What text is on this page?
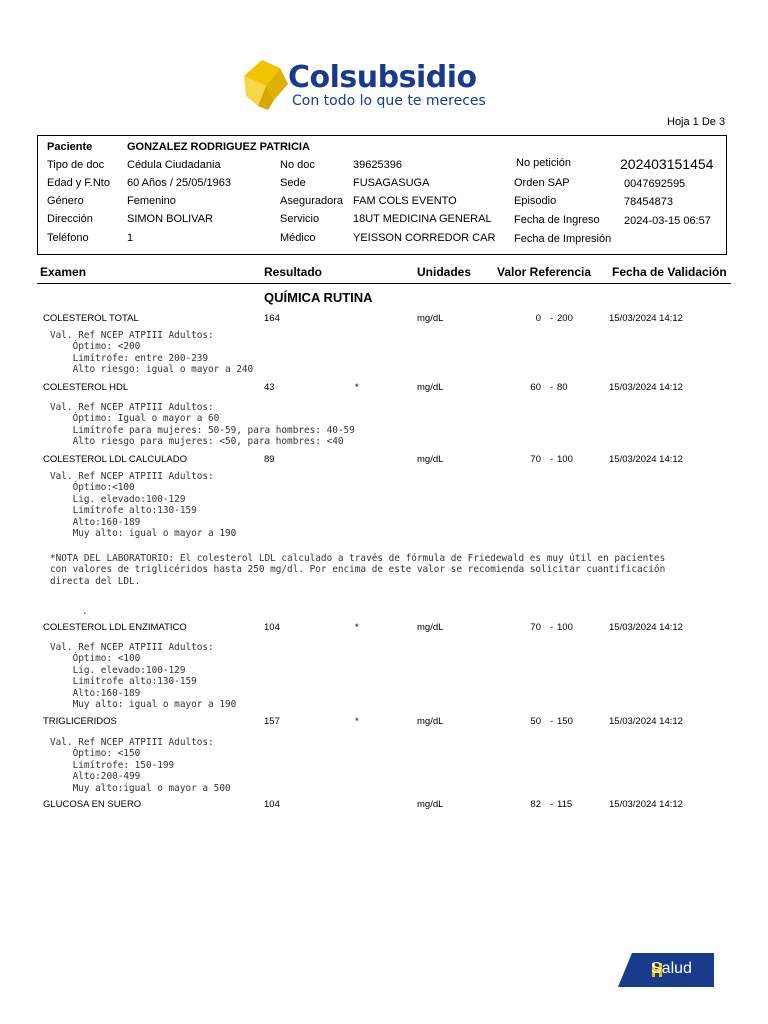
Colsubsidio
Con todo lo que te mereces
Hoja 1 De 3
Paciente	GONZALEZ RODRIGUEZ PATRICIA
Tipo de doc Cédula Ciudadania
Edad y F.Nto 60 Años / 25/05/1963
Género	Femenino
Dirección	SIMON BOLIVAR
Teléfono	1
No doc	39625396
Sede	FUSAGASUGA
Aseguradora FAM COLS EVENTO
Servicio	18UT MEDICINA GENERAL
Médico	YEISSON CORREDOR CAR
No petición	202403151454
Orden SAP	0047692595
Episodio	78454873
Fecha de Ingreso 2024-03-15 06:57
Fecha de Impresión
Examen	Resultado	Unidades Valor Referencia Fecha de Validación
QUÍMICA RUTINA
COLESTEROL TOTAL	164	mg/dL	0 - 200	15/03/2024 14:12
Val. Ref NCEP ATPIII Adultos:
Óptimo: <200
Limítrofe: entre 200-239
Alto riesgo: igual o mayor a 240
COLESTEROL HDL	43	*	mg/dL	60 - 80	15/03/2024 14:12
Val. Ref NCEP ATPIII Adultos:
Óptimo: Igual o mayor a 60
Limítrofe para mujeres: 50-59, para hombres: 40-59
Alto riesgo para mujeres: <50, para hombres: <40
COLESTEROL LDL CALCULADO	89	mg/dL	70 - 100	15/03/2024 14:12
Val. Ref NCEP ATPIII Adultos:
Óptimo:<100
Lig. elevado:100-129
Limítrofe alto:130-159
Alto:160-189
Muy alto: igual o mayor a 190
COLESTEROL LDL ENZIMATICO	104	*	mg/dL	70 - 100	15/03/2024 14:12
Val. Ref NCEP ATPIII Adultos:
Óptimo: <100
Lig. elevado:100-129
Limítrofe alto:130-159
Alto:160-189
Muy alto: igual o mayor a 190
TRIGLICERIDOS	157	*	mg/dL	50 - 150	15/03/2024 14:12
Val. Ref NCEP ATPIII Adultos:
Óptimo: <150
Limítrofe: 150-199
Alto:200-499
Muy alto:igual o mayor a 500
GLUCOSA EN SUERO	104	mg/dL	82 - 115	15/03/2024 14:12
*NOTA DEL LABORATORIO: El colesterol LDL calculado a través de fórmula de Friedewald es muy útil en pacientes
con valores de triglicéridos hasta 250 mg/dl. Por encima de este valor se recomienda solicitar cuantificación
directa del LDL.
.
Salud
